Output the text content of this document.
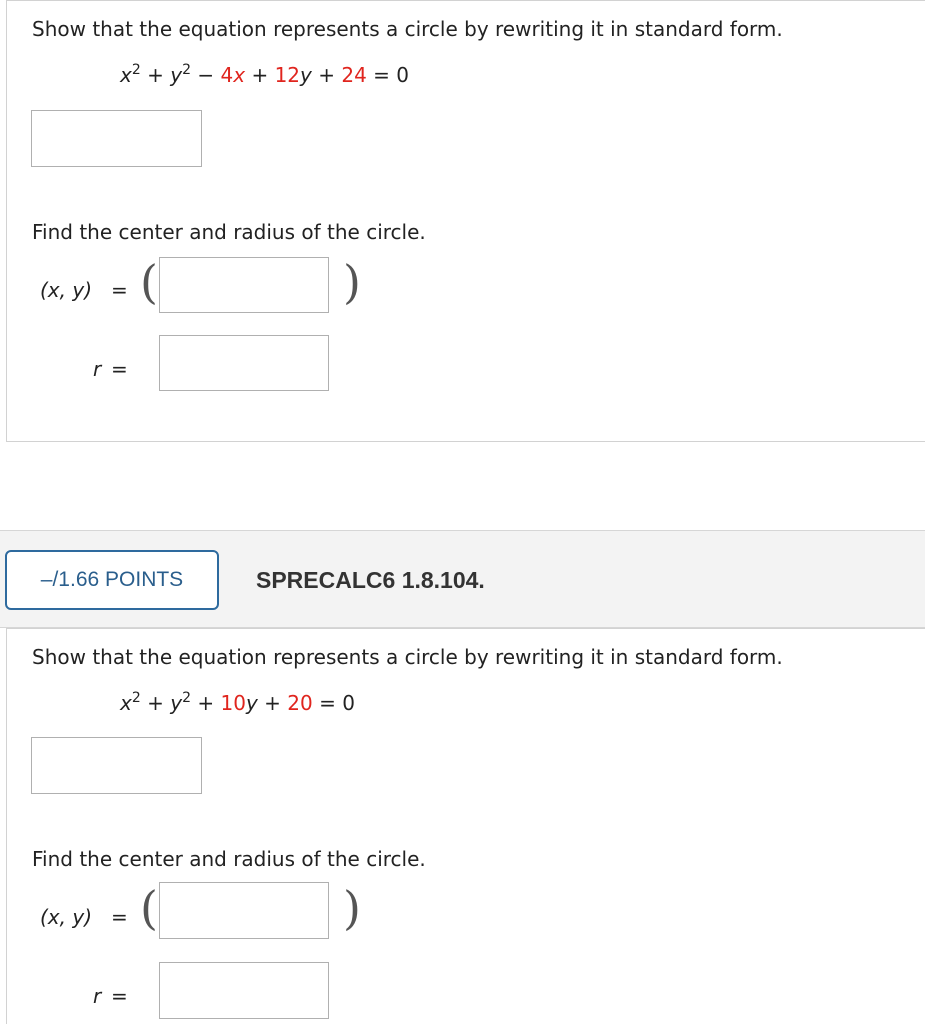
Show that the equation represents a circle by rewriting it in standard form.
$x^2 + y^2 - 4x + 12y + 24 = 0$
Find the center and radius of the circle.
(x, y) = (	)
r =
–/1.66 POINTS	SPRECALC6 1.8.104.
Show that the equation represents a circle by rewriting it in standard form.
$x^2 + y^2 + 10y + 20 = 0$
Find the center and radius of the circle.
(x, y) = (	)
r =
